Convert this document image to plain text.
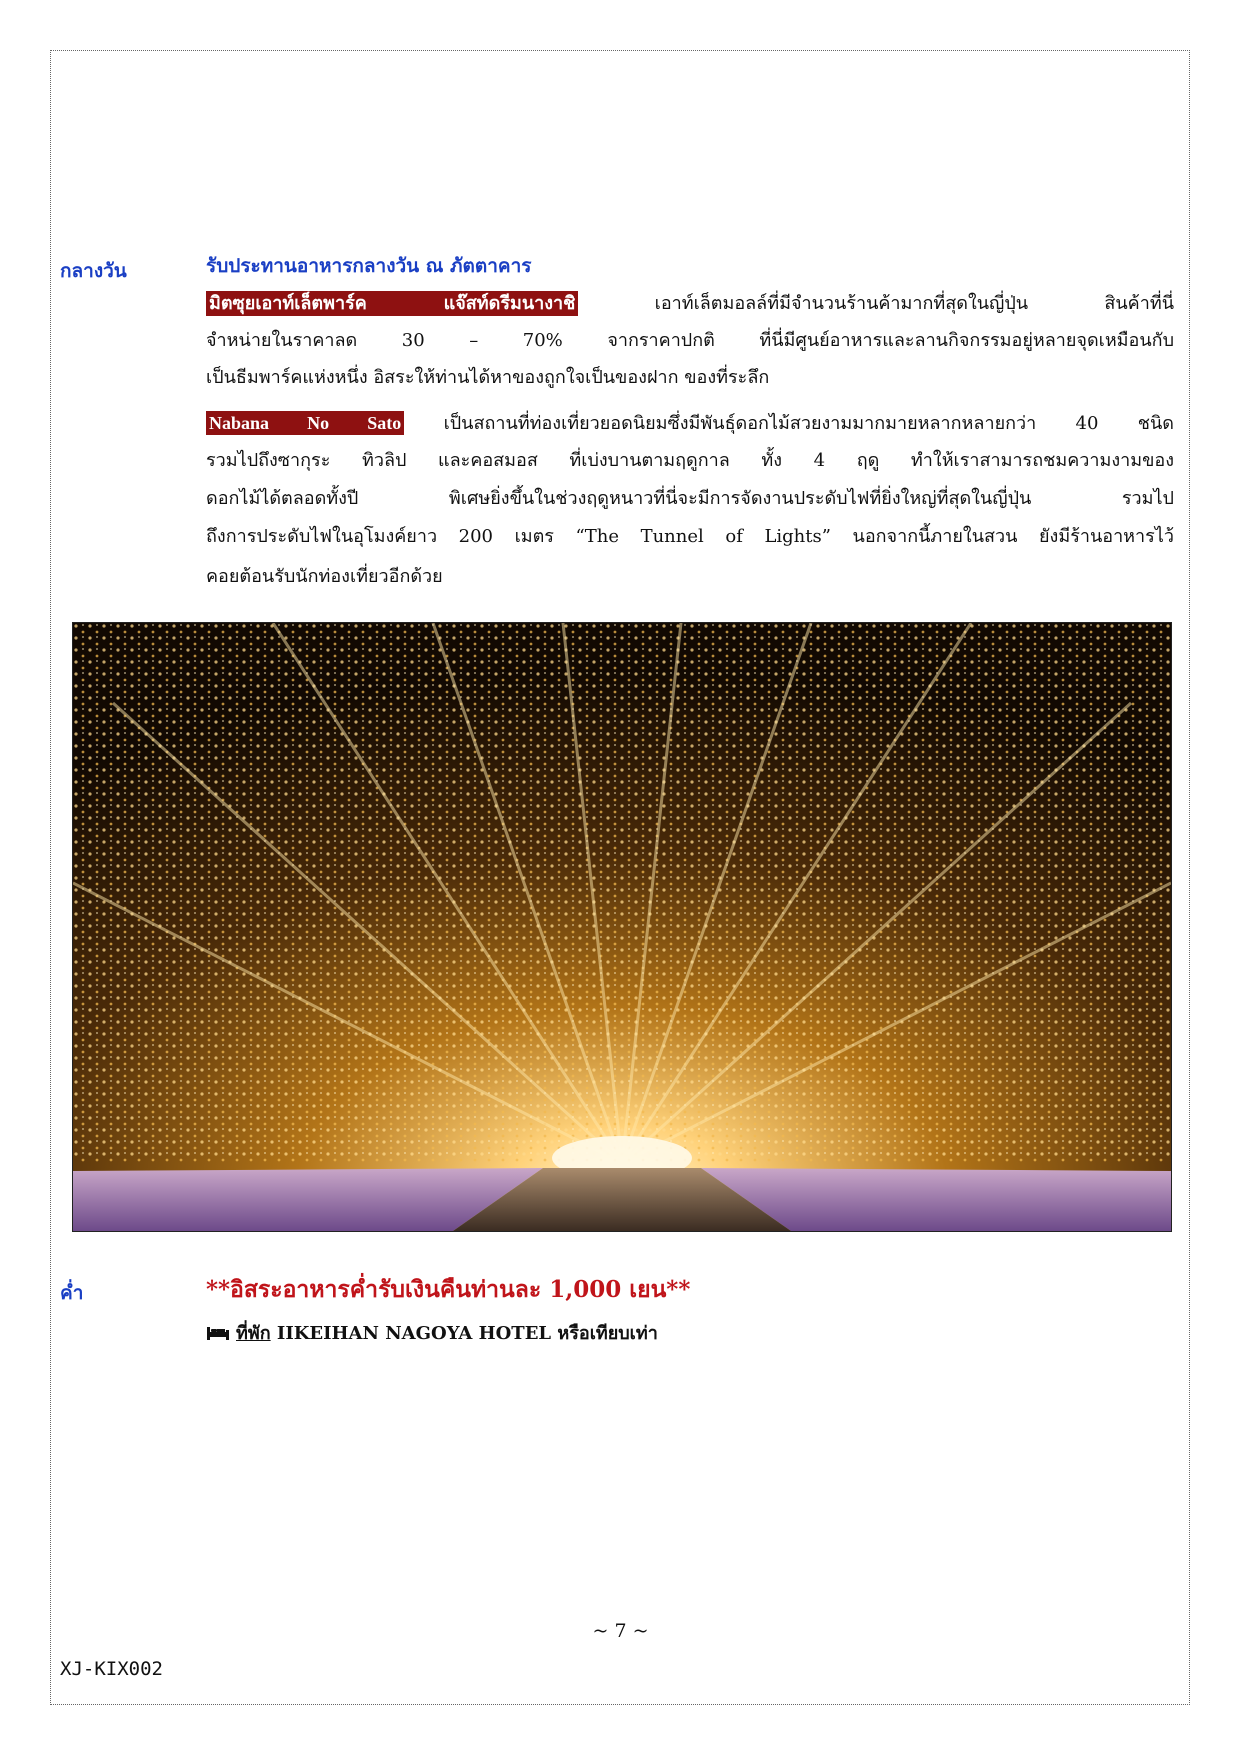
กลางวัน	รับประทานอาหารกลางวัน ณ ภัตตาคาร
มิตซุยเอาท์เล็ตพาร์ค แจ๊สท์ดรีมนางาชิ เอาท์เล็ตมอลล์ที่มีจำนวนร้านค้ามากที่สุดในญี่ปุ่น สินค้าที่นี่
จำหน่ายในราคาลด 30 – 70% จากราคาปกติ ที่นี่มีศูนย์อาหารและลานกิจกรรมอยู่หลายจุดเหมือนกับ
เป็นธีมพาร์คแห่งหนึ่ง อิสระให้ท่านได้หาของถูกใจเป็นของฝาก ของที่ระลึก
Nabana No Sato เป็นสถานที่ท่องเที่ยวยอดนิยมซึ่งมีพันธุ์ดอกไม้สวยงามมากมายหลากหลายกว่า 40 ชนิด
รวมไปถึงซากุระ ทิวลิป และคอสมอส ที่เบ่งบานตามฤดูกาล ทั้ง 4 ฤดู ทำให้เราสามารถชมความงามของ
ดอกไม้ได้ตลอดทั้งปี พิเศษยิ่งขึ้นในช่วงฤดูหนาวที่นี่จะมีการจัดงานประดับไฟที่ยิ่งใหญ่ที่สุดในญี่ปุ่น รวมไป
ถึงการประดับไฟในอุโมงค์ยาว 200 เมตร “The Tunnel of Lights” นอกจากนี้ภายในสวน ยังมีร้านอาหารไว้
คอยต้อนรับนักท่องเที่ยวอีกด้วย
ค่ำ	**อิสระอาหารค่ำรับเงินคืนท่านละ 1,000 เยน**
ที่พัก IIKEIHAN NAGOYA HOTEL หรือเทียบเท่า
~ 7 ~
XJ-KIX002
